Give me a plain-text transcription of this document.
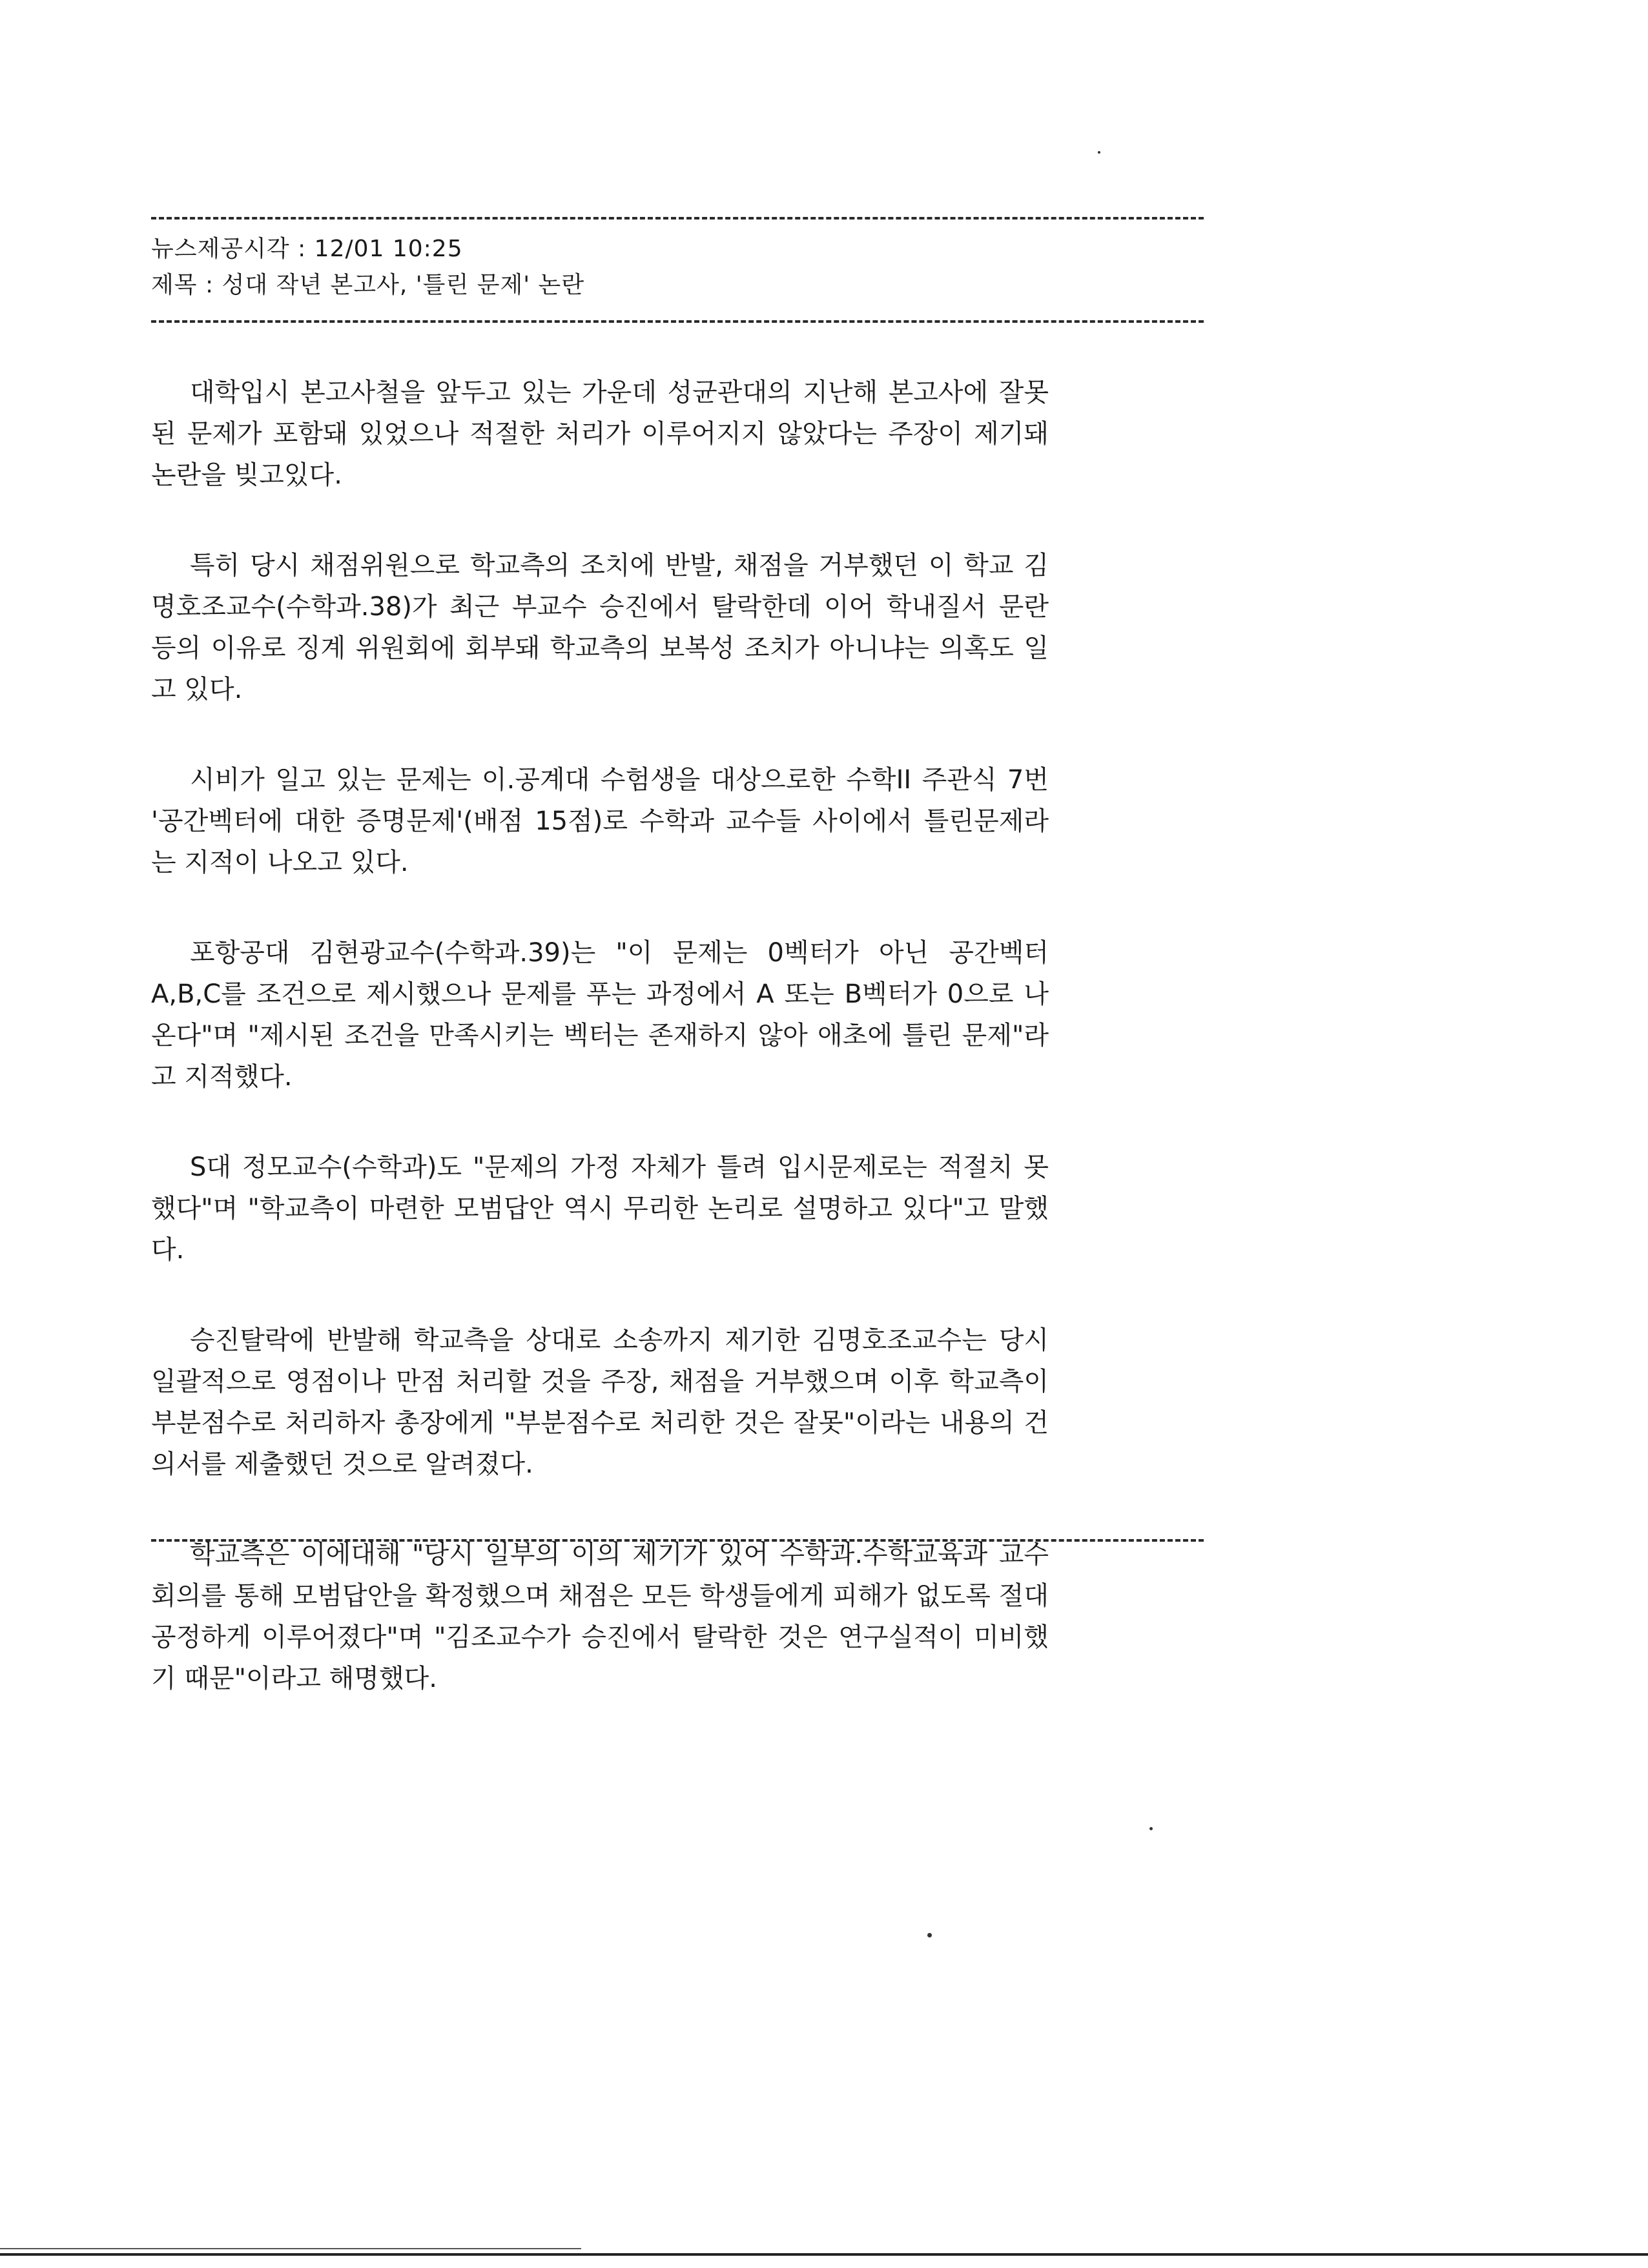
뉴스제공시각 : 12/01 10:25
제목 : 성대 작년 본고사, '틀린 문제' 논란

대학입시 본고사철을 앞두고 있는 가운데 성균관대의 지난해 본고사에 잘못된 문제가 포함돼 있었으나 적절한 처리가 이루어지지 않았다는 주장이 제기돼 논란을 빚고있다.

특히 당시 채점위원으로 학교측의 조치에 반발, 채점을 거부했던 이 학교 김명호조교수(수학과.38)가 최근 부교수 승진에서 탈락한데 이어 학내질서 문란 등의 이유로 징계 위원회에 회부돼 학교측의 보복성 조치가 아니냐는 의혹도 일고 있다.

시비가 일고 있는 문제는 이.공계대 수험생을 대상으로한 수학II 주관식 7번 '공간벡터에 대한 증명문제'(배점 15점)로 수학과 교수들 사이에서 틀린문제라는 지적이 나오고 있다.

포항공대 김현광교수(수학과.39)는 "이 문제는 0벡터가 아닌 공간벡터 A,B,C를 조건으로 제시했으나 문제를 푸는 과정에서 A 또는 B벡터가 0으로 나온다"며 "제시된 조건을 만족시키는 벡터는 존재하지 않아 애초에 틀린 문제"라고 지적했다.

S대 정모교수(수학과)도 "문제의 가정 자체가 틀려 입시문제로는 적절치 못했다"며 "학교측이 마련한 모범답안 역시 무리한 논리로 설명하고 있다"고 말했다.

승진탈락에 반발해 학교측을 상대로 소송까지 제기한 김명호조교수는 당시 일괄적으로 영점이나 만점 처리할 것을 주장, 채점을 거부했으며 이후 학교측이 부분점수로 처리하자 총장에게 "부분점수로 처리한 것은 잘못"이라는 내용의 건의서를 제출했던 것으로 알려졌다.

학교측은 이에대해 "당시 일부의 이의 제기가 있어 수학과.수학교육과 교수회의를 통해 모범답안을 확정했으며 채점은 모든 학생들에게 피해가 없도록 절대 공정하게 이루어졌다"며 "김조교수가 승진에서 탈락한 것은 연구실적이 미비했기 때문"이라고 해명했다.
